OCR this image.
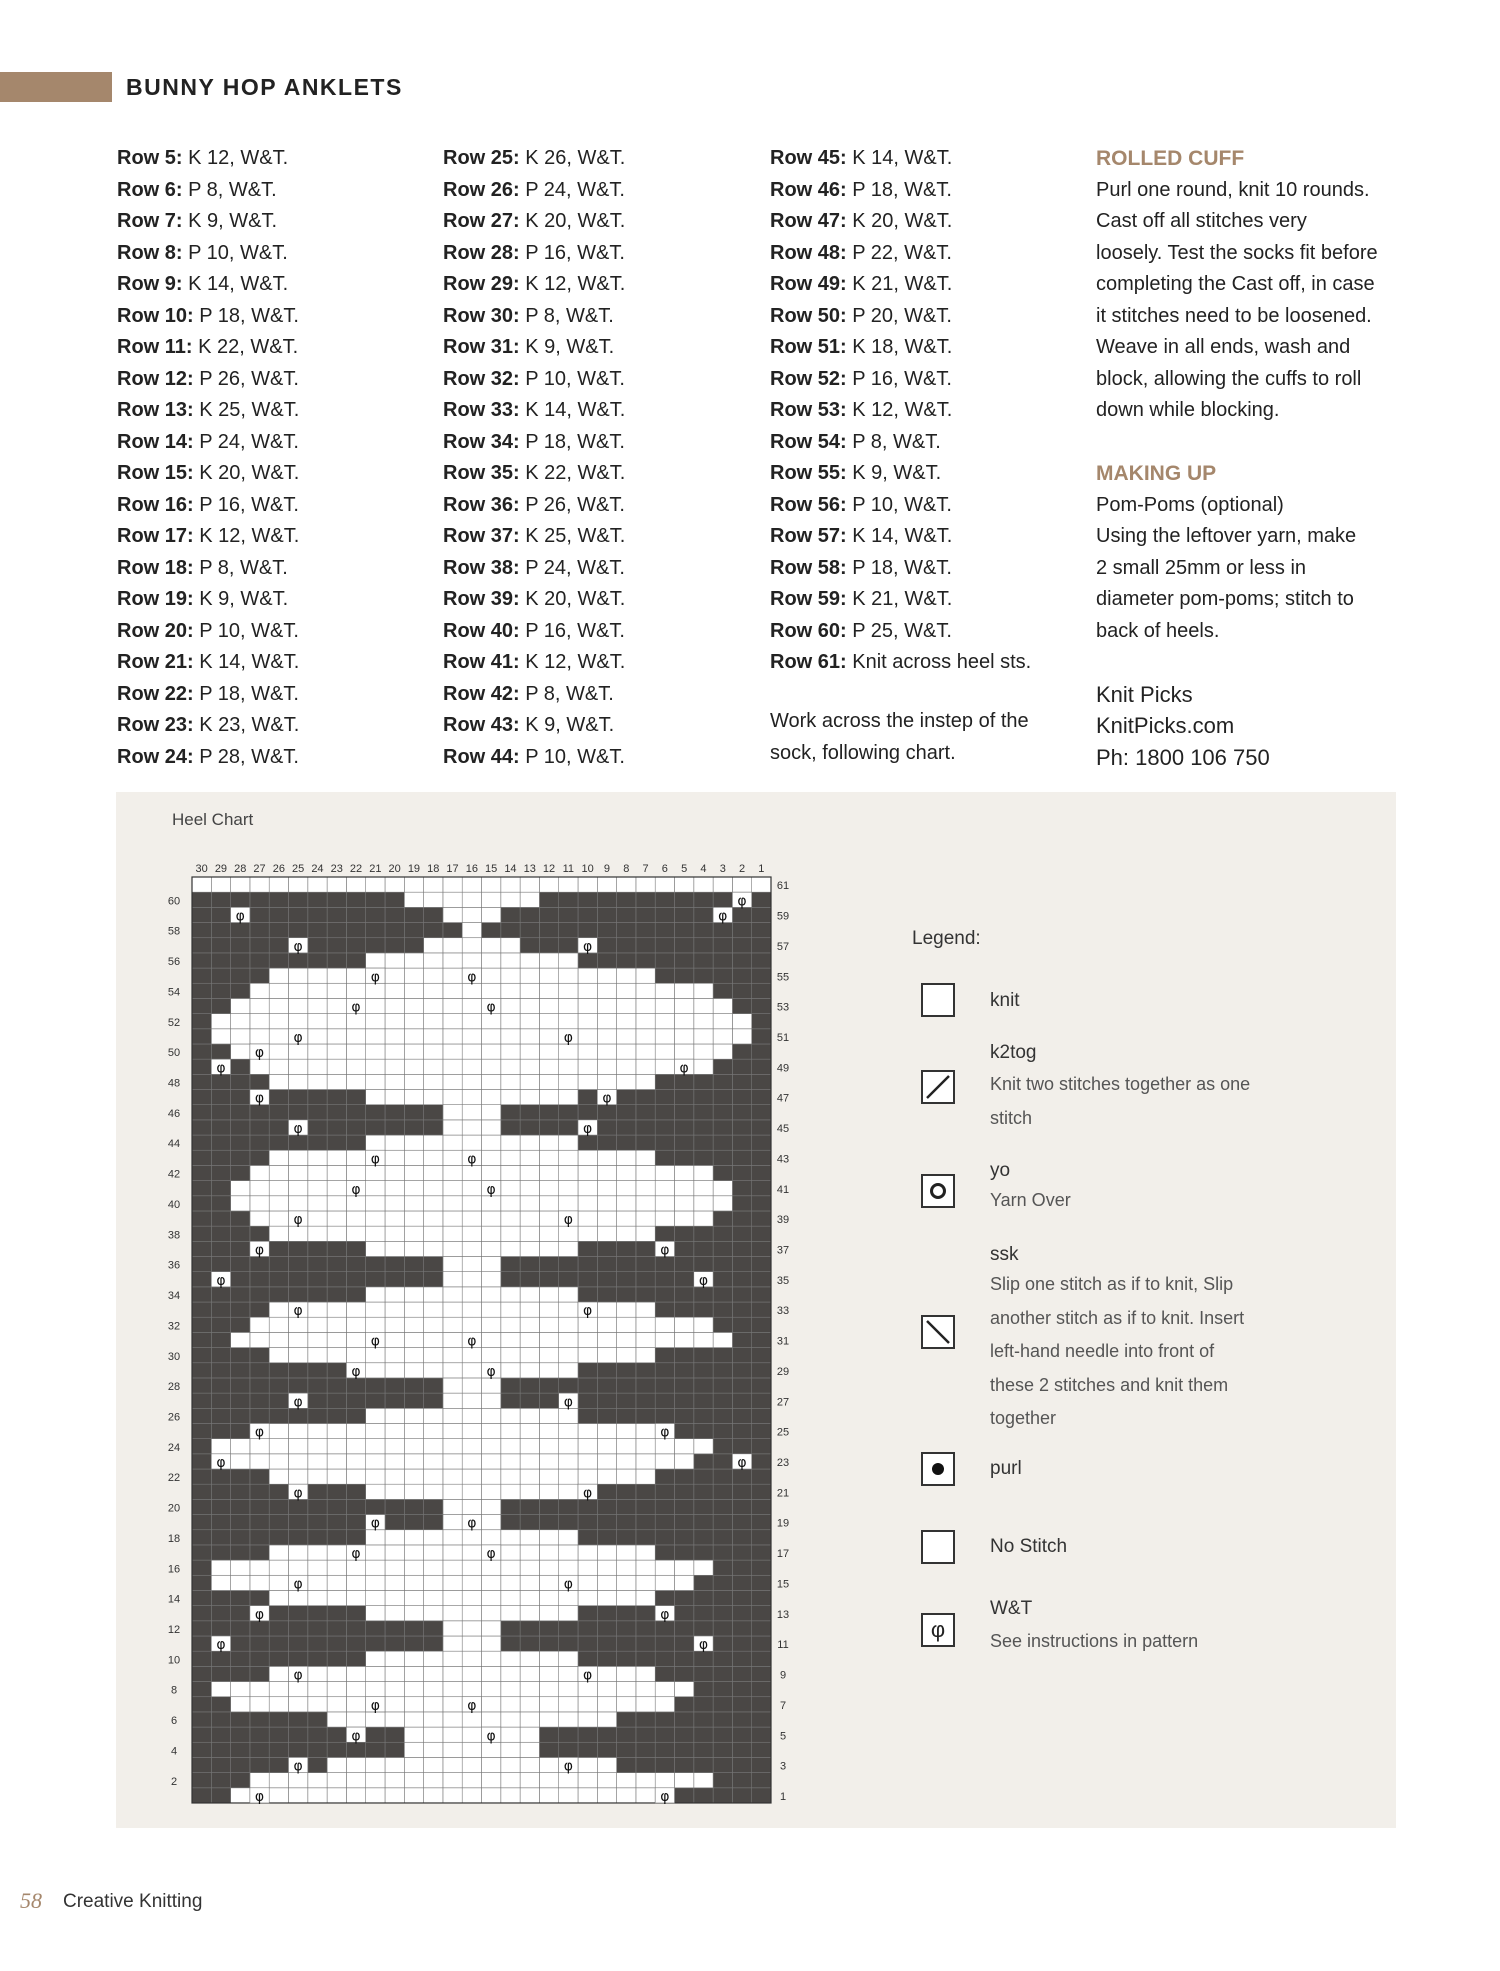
BUNNY HOP ANKLETS
Row 5: K 12, W&T.
Row 6: P 8, W&T.
Row 7: K 9, W&T.
Row 8: P 10, W&T.
Row 9: K 14, W&T.
Row 10: P 18, W&T.
Row 11: K 22, W&T.
Row 12: P 26, W&T.
Row 13: K 25, W&T.
Row 14: P 24, W&T.
Row 15: K 20, W&T.
Row 16: P 16, W&T.
Row 17: K 12, W&T.
Row 18: P 8, W&T.
Row 19: K 9, W&T.
Row 20: P 10, W&T.
Row 21: K 14, W&T.
Row 22: P 18, W&T.
Row 23: K 23, W&T.
Row 24: P 28, W&T.
Row 25: K 26, W&T.
Row 26: P 24, W&T.
Row 27: K 20, W&T.
Row 28: P 16, W&T.
Row 29: K 12, W&T.
Row 30: P 8, W&T.
Row 31: K 9, W&T.
Row 32: P 10, W&T.
Row 33: K 14, W&T.
Row 34: P 18, W&T.
Row 35: K 22, W&T.
Row 36: P 26, W&T.
Row 37: K 25, W&T.
Row 38: P 24, W&T.
Row 39: K 20, W&T.
Row 40: P 16, W&T.
Row 41: K 12, W&T.
Row 42: P 8, W&T.
Row 43: K 9, W&T.
Row 44: P 10, W&T.
Row 45: K 14, W&T.
Row 46: P 18, W&T.
Row 47: K 20, W&T.
Row 48: P 22, W&T.
Row 49: K 21, W&T.
Row 50: P 20, W&T.
Row 51: K 18, W&T.
Row 52: P 16, W&T.
Row 53: K 12, W&T.
Row 54: P 8, W&T.
Row 55: K 9, W&T.
Row 56: P 10, W&T.
Row 57: K 14, W&T.
Row 58: P 18, W&T.
Row 59: K 21, W&T.
Row 60: P 25, W&T.
Row 61: Knit across heel sts.
Work across the instep of the
sock, following chart.
ROLLED CUFF
Purl one round, knit 10 rounds.
Cast off all stitches very
loosely. Test the socks fit before
completing the Cast off, in case
it stitches need to be loosened.
Weave in all ends, wash and
block, allowing the cuffs to roll
down while blocking.
MAKING UP
Pom-Poms (optional)
Using the leftover yarn, make
2 small 25mm or less in
diameter pom-poms; stitch to
back of heels.
Knit Picks
KnitPicks.com
Ph: 1800 106 750
Heel Chart
30 29 28 27 26 25 24 23 22 21 20 19 18 17 16 15 14 13 12 11 10 9 8 7 6 5 4 3 2 1
60
58
56
54
52
50
48
46
44
42
40
38
36
34
32
30
28
26
24
22
20
18
16
14
12
10
8
6
4
2
61
59
57
55
53
51
49
47
45
43
41
39
37
35
33
31
29
27
25
23
21
19
17
15
13
11
9
7
5
3
1
φ
φ
φ
φ
φ
φ	φ
φ	φ
φ	φ
φ
φ
φ
φ
φ
φ
φ
φ	φ
φ	φ
φ	φ
φ	φ
φ	φ
φ
φ
φ	φ
φ	φ
φ	φ
φ	φ
φ	φ
φ
φ
φ	φ
φ	φ
φ	φ
φ	φ
φ	φ
φ
φ
φ	φ
φ	φ
φ	φ
φ	φ
Legend:
knit
k2tog
Knit two stitches together as one
stitch
yo
Yarn Over
ssk
Slip one stitch as if to knit, Slip
another stitch as if to knit. Insert
left-hand needle into front of
these 2 stitches and knit them
together
purl
No Stitch
W&T
φ	See instructions in pattern
58 Creative Knitting
